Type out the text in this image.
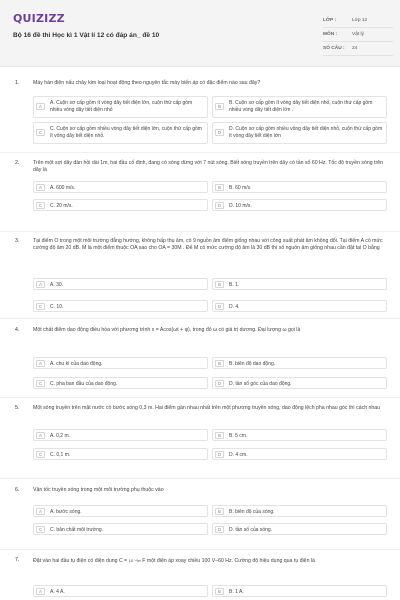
QUIZIZZ
Bộ 16 đề thi Học kì 1 Vật lí 12 có đáp án_ đề 10
LỚP :	Lớp 12
MÔN :	Vật lý
SỐ CÂU :	24
1.	Máy hàn điện nấu chảy kim loại hoạt động theo nguyên tắc máy biến áp có đặc điểm nào sau đây?
A
A. Cuộn sơ cấp gồm ít vòng dây tiết diện lớn, cuộn thứ cấp gồm nhiều vòng dây tiết diện nhỏ
B
B. Cuộn sơ cấp gồm ít vòng dây tiết diện nhỏ, cuộn thứ cấp gồm nhiều vòng dây tiết diện lớn .
C
C. Cuộn sơ cấp gồm nhiều vòng dây tiết diện lớn, cuộn thứ cấp gồm ít vòng dây tiết diện nhỏ.
D
D. Cuộn sơ cấp gồm nhiều vòng dây tiết diện nhỏ, cuộn thứ cấp gồm ít vòng dây tiết diện lớn
2.	Trên một sợi dây đàn hồi dài 1m, hai đầu cố định, đang có sóng dừng với 7 nút sóng. Biết sóng truyền trên dây có tần số 60 Hz. Tốc độ truyền sóng trên dây là
A	A. 600 m/s.	B	B. 60 m/s.
C	C. 20 m/s.	D	D. 10 m/s.
3.	Tại điểm O trong một môi trường đẳng hướng, không hấp thụ âm, có 9 nguồn âm điểm giống nhau với công suất phát âm không đổi. Tại điểm A có mức cường độ âm 20 dB. M là một điểm thuộc OA sao cho OA = 30M . Để M có mức cường độ âm là 30 dB thì số nguồn âm giống nhau cần đặt tại O bằng
A	A. 30.	B	B. 1.
C	C. 10.	D	D. 4.
4.	Một chất điểm dao động điều hòa với phương trình x = Acos(ωt + φ), trong đó ω có giá trị dương. Đại lượng ω gọi là
A	A. chu kì của dao động.	B	B. biên độ dao động.
C	C. pha ban đầu của dao động.	D	D. tần số góc của dao động.
5.	Một sóng truyền trên mặt nước có bước sóng 0,3 m. Hai điểm gần nhau nhất trên một phương truyền sóng, dao động lệch pha nhau góc thì cách nhau
A	A. 0,2 m.	B	B. 5 cm.
C	C. 0,1 m.	D	D. 4 cm.
6.	Vận tốc truyền sóng trong một môi trường phụ thuộc vào
A	A. bước sóng.	B	B. biên độ của sóng.
C	C. bản chất môi trường.	D	D. tần số của sóng.
7.	Đặt vào hai đầu tụ điện có điện dung C = 10⁻⁴/π F một điện áp xoay chiều 100 V–60 Hz. Cường độ hiệu dụng qua tụ điện là
A	A. 4 A.	B	B. 1 A.
